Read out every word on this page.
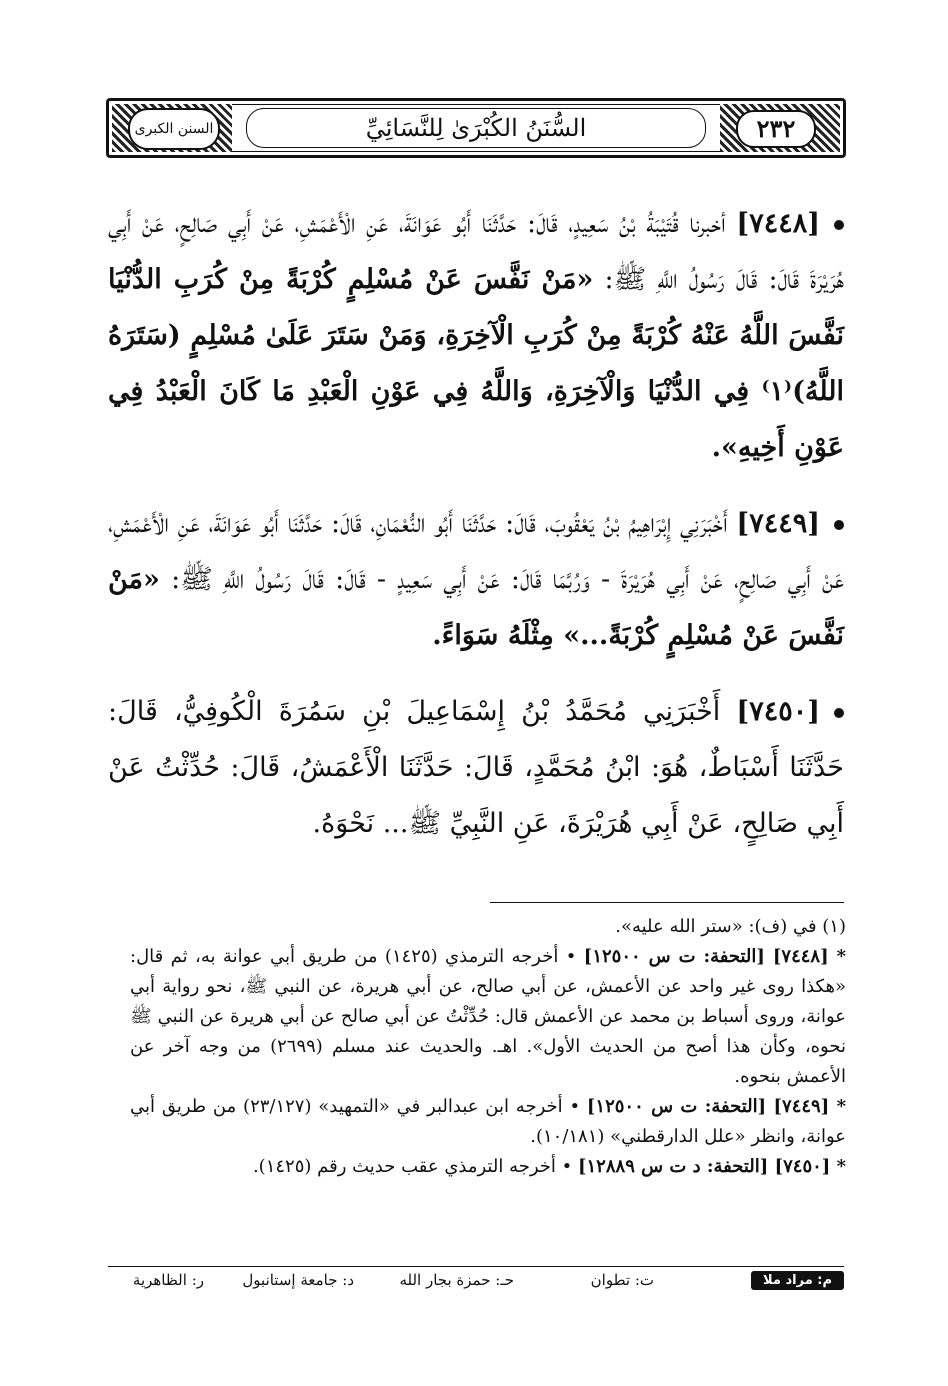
٢٣٢
السنن الكبرى	السُّنَنُ الكُبْرَىٰ لِلنَّسَائِيِّ

[٧٤٤٨] أخبرنا قُتَيْبَةُ بْنُ سَعِيدٍ، قَالَ: حَدَّثَنَا أَبُو عَوَانَةَ، عَنِ الْأَعْمَشِ، عَنْ أَبِي صَالِحٍ، عَنْ أَبِي هُرَيْرَةَ قَالَ: قَالَ رَسُولُ اللَّهِ ﷺ: «مَنْ نَفَّسَ عَنْ مُسْلِمٍ كُرْبَةً مِنْ كُرَبِ الدُّنْيَا نَفَّسَ اللَّهُ عَنْهُ كُرْبَةً مِنْ كُرَبِ الْآخِرَةِ، وَمَنْ سَتَرَ عَلَىٰ مُسْلِمٍ (سَتَرَهُ اللَّهُ)⁽١⁾ فِي الدُّنْيَا وَالْآخِرَةِ، وَاللَّهُ فِي عَوْنِ الْعَبْدِ مَا كَانَ الْعَبْدُ فِي عَوْنِ أَخِيهِ».

[٧٤٤٩] أَخْبَرَنِي إِبْرَاهِيمُ بْنُ يَعْقُوبَ، قَالَ: حَدَّثَنَا أَبُو النُّعْمَانِ، قَالَ: حَدَّثَنَا أَبُو عَوَانَةَ، عَنِ الْأَعْمَشِ، عَنْ أَبِي صَالِحٍ، عَنْ أَبِي هُرَيْرَةَ - وَرُبَّمَا قَالَ: عَنْ أَبِي سَعِيدٍ - قَالَ: قَالَ رَسُولُ اللَّهِ ﷺ: «مَنْ نَفَّسَ عَنْ مُسْلِمٍ كُرْبَةً...» مِثْلَهُ سَوَاءً.

[٧٤٥٠] أَخْبَرَنِي مُحَمَّدُ بْنُ إِسْمَاعِيلَ بْنِ سَمُرَةَ الْكُوفِيُّ، قَالَ: حَدَّثَنَا أَسْبَاطٌ، هُوَ: ابْنُ مُحَمَّدٍ، قَالَ: حَدَّثَنَا الْأَعْمَشُ، قَالَ: حُدِّثْتُ عَنْ أَبِي صَالِحٍ، عَنْ أَبِي هُرَيْرَةَ، عَنِ النَّبِيِّ ﷺ... نَحْوَهُ.

(١) في (ف): «ستر الله عليه».

* [٧٤٤٨] [التحفة: ت س ١٢٥٠٠] • أخرجه الترمذي (١٤٢٥) من طريق أبي عوانة به، ثم قال: «هكذا روى غير واحد عن الأعمش، عن أبي صالح، عن أبي هريرة، عن النبي ﷺ، نحو رواية أبي عوانة، وروى أسباط بن محمد عن الأعمش قال: حُدِّثْتُ عن أبي صالح عن أبي هريرة عن النبي ﷺ نحوه، وكأن هذا أصح من الحديث الأول». اهـ. والحديث عند مسلم (٢٦٩٩) من وجه آخر عن الأعمش بنحوه.

* [٧٤٤٩] [التحفة: ت س ١٢٥٠٠] • أخرجه ابن عبدالبر في «التمهيد» (٢٣/١٢٧) من طريق أبي عوانة، وانظر «علل الدارقطني» (١٠/١٨١).

* [٧٤٥٠] [التحفة: د ت س ١٢٨٨٩] • أخرجه الترمذي عقب حديث رقم (١٤٢٥).

م: مراد ملا
ت: تطوان
حـ: حمزة بجار الله
د: جامعة إستانبول
ر: الظاهرية
